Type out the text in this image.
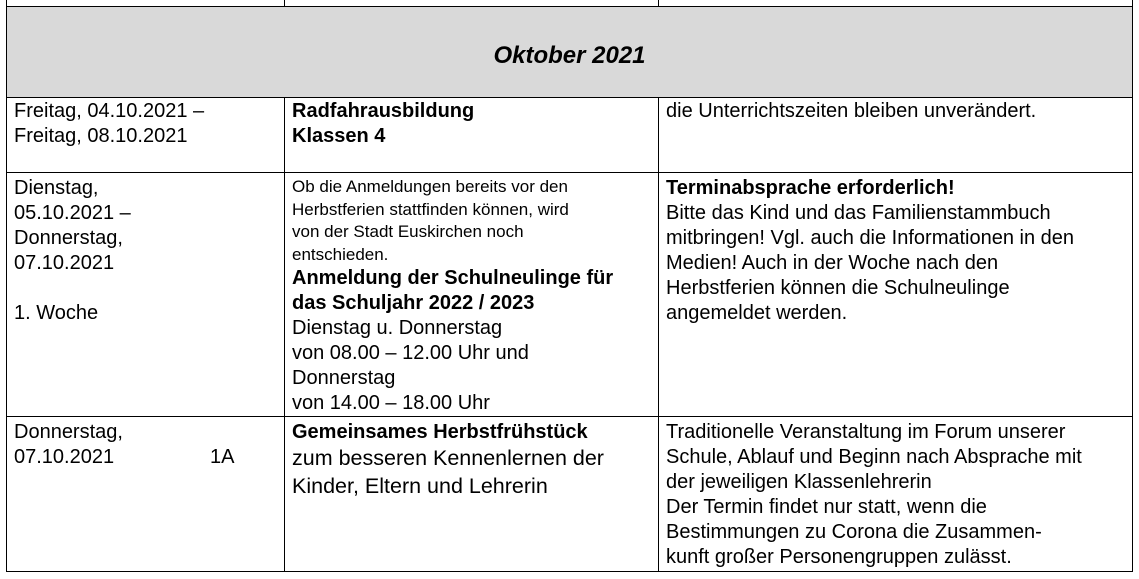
Oktober 2021
Freitag, 04.10.2021 –
Freitag, 08.10.2021
Radfahrausbildung
Klassen 4
die Unterrichtszeiten bleiben unverändert.
Dienstag,
05.10.2021 –
Donnerstag,
07.10.2021
1. Woche
Ob die Anmeldungen bereits vor den
Herbstferien stattfinden können, wird
von der Stadt Euskirchen noch
entschieden.
Anmeldung der Schulneulinge für
das Schuljahr 2022 / 2023
Dienstag u. Donnerstag
von 08.00 – 12.00 Uhr und
Donnerstag
von 14.00 – 18.00 Uhr
Terminabsprache erforderlich!
Bitte das Kind und das Familienstammbuch
mitbringen! Vgl. auch die Informationen in den
Medien! Auch in der Woche nach den
Herbstferien können die Schulneulinge
angemeldet werden.
Donnerstag,
07.10.2021	1A
Gemeinsames Herbstfrühstück
zum besseren Kennenlernen der
Kinder, Eltern und Lehrerin
Traditionelle Veranstaltung im Forum unserer
Schule, Ablauf und Beginn nach Absprache mit
der jeweiligen Klassenlehrerin
Der Termin findet nur statt, wenn die
Bestimmungen zu Corona die Zusammen-
kunft großer Personengruppen zulässt.
